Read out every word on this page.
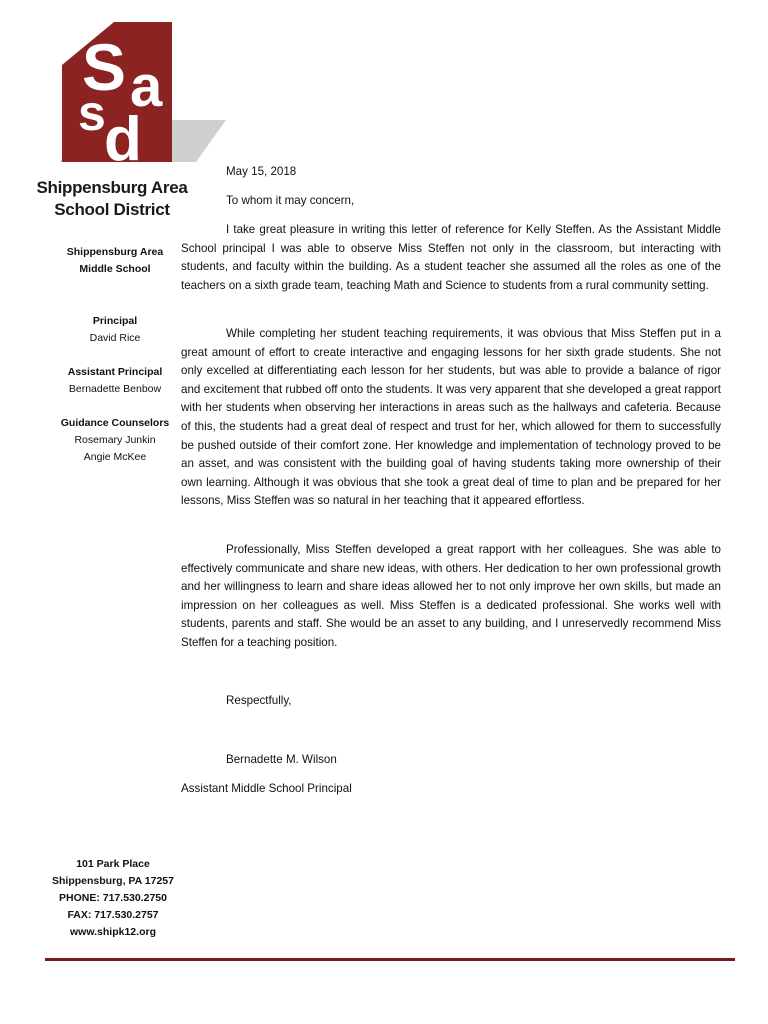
S a
s
d
Shippensburg Area
School District
Shippensburg Area
Middle School
Principal
David Rice
Assistant Principal
Bernadette Benbow
Guidance Counselors
Rosemary Junkin
Angie McKee
May 15, 2018
To whom it may concern,
I take great pleasure in writing this letter of reference for Kelly Steffen. As the Assistant Middle School principal I was able to observe Miss Steffen not only in the classroom, but interacting with students, and faculty within the building. As a student teacher she assumed all the roles as one of the teachers on a sixth grade team, teaching Math and Science to students from a rural community setting.
While completing her student teaching requirements, it was obvious that Miss Steffen put in a great amount of effort to create interactive and engaging lessons for her sixth grade students. She not only excelled at differentiating each lesson for her students, but was able to provide a balance of rigor and excitement that rubbed off onto the students. It was very apparent that she developed a great rapport with her students when observing her interactions in areas such as the hallways and cafeteria. Because of this, the students had a great deal of respect and trust for her, which allowed for them to successfully be pushed outside of their comfort zone. Her knowledge and implementation of technology proved to be an asset, and was consistent with the building goal of having students taking more ownership of their own learning. Although it was obvious that she took a great deal of time to plan and be prepared for her lessons, Miss Steffen was so natural in her teaching that it appeared effortless.
Professionally, Miss Steffen developed a great rapport with her colleagues. She was able to effectively communicate and share new ideas, with others. Her dedication to her own professional growth and her willingness to learn and share ideas allowed her to not only improve her own skills, but made an impression on her colleagues as well. Miss Steffen is a dedicated professional. She works well with students, parents and staff. She would be an asset to any building, and I unreservedly recommend Miss Steffen for a teaching position.
Respectfully,
Bernadette M. Wilson
Assistant Middle School Principal
101 Park Place
Shippensburg, PA 17257
PHONE: 717.530.2750
FAX: 717.530.2757
www.shipk12.org
